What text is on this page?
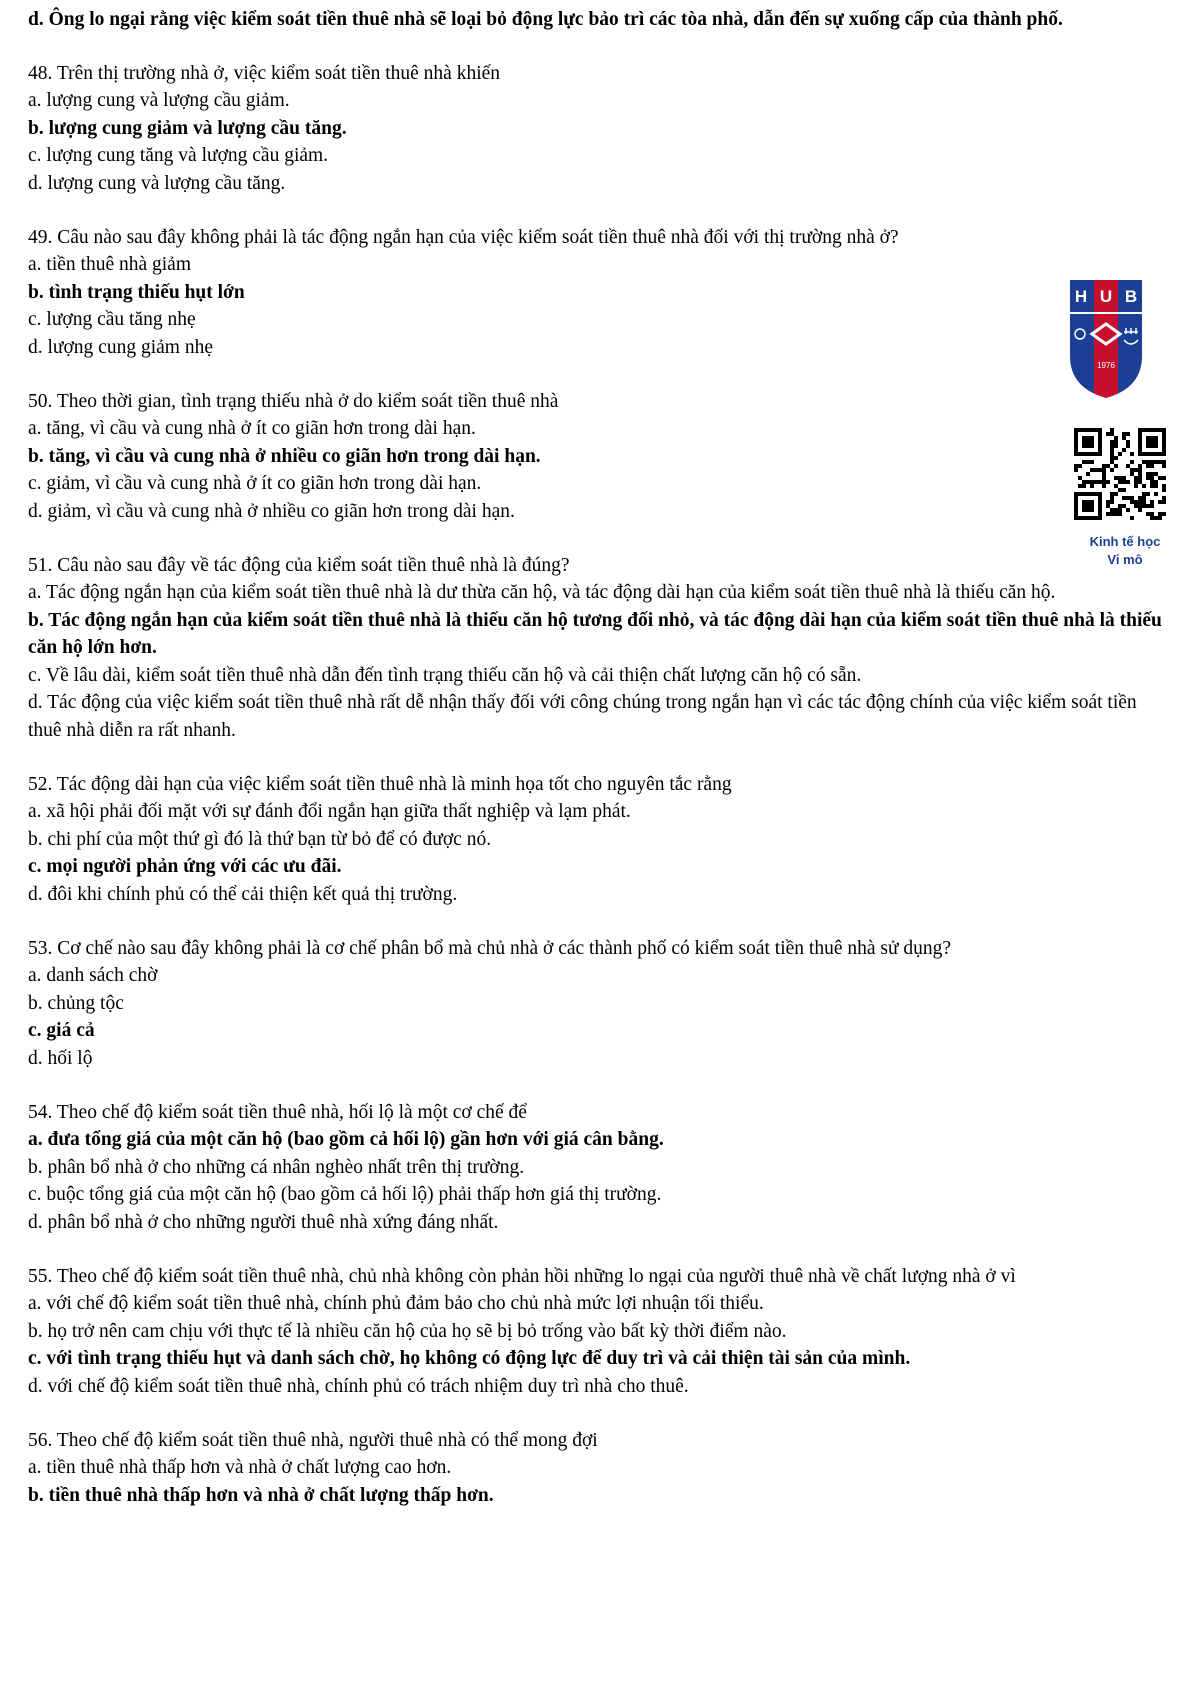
d. Ông lo ngại rằng việc kiểm soát tiền thuê nhà sẽ loại bỏ động lực bảo trì các tòa nhà, dẫn đến sự xuống cấp của thành phố.
48. Trên thị trường nhà ở, việc kiểm soát tiền thuê nhà khiến
a. lượng cung và lượng cầu giảm.
b. lượng cung giảm và lượng cầu tăng.
c. lượng cung tăng và lượng cầu giảm.
d. lượng cung và lượng cầu tăng.
49. Câu nào sau đây không phải là tác động ngắn hạn của việc kiểm soát tiền thuê nhà đối với thị trường nhà ở?
a. tiền thuê nhà giảm
b. tình trạng thiếu hụt lớn
c. lượng cầu tăng nhẹ
d. lượng cung giảm nhẹ
50. Theo thời gian, tình trạng thiếu nhà ở do kiểm soát tiền thuê nhà
a. tăng, vì cầu và cung nhà ở ít co giãn hơn trong dài hạn.
b. tăng, vì cầu và cung nhà ở nhiều co giãn hơn trong dài hạn.
c. giảm, vì cầu và cung nhà ở ít co giãn hơn trong dài hạn.
d. giảm, vì cầu và cung nhà ở nhiều co giãn hơn trong dài hạn.
51. Câu nào sau đây về tác động của kiểm soát tiền thuê nhà là đúng?
a. Tác động ngắn hạn của kiểm soát tiền thuê nhà là dư thừa căn hộ, và tác động dài hạn của kiểm soát tiền thuê nhà là thiếu căn hộ.
b. Tác động ngắn hạn của kiểm soát tiền thuê nhà là thiếu căn hộ tương đối nhỏ, và tác động dài hạn của kiểm soát tiền thuê nhà là thiếu căn hộ lớn hơn.
c. Về lâu dài, kiểm soát tiền thuê nhà dẫn đến tình trạng thiếu căn hộ và cải thiện chất lượng căn hộ có sẵn.
d. Tác động của việc kiểm soát tiền thuê nhà rất dễ nhận thấy đối với công chúng trong ngắn hạn vì các tác động chính của việc kiểm soát tiền thuê nhà diễn ra rất nhanh.
52. Tác động dài hạn của việc kiểm soát tiền thuê nhà là minh họa tốt cho nguyên tắc rằng
a. xã hội phải đối mặt với sự đánh đổi ngắn hạn giữa thất nghiệp và lạm phát.
b. chi phí của một thứ gì đó là thứ bạn từ bỏ để có được nó.
c. mọi người phản ứng với các ưu đãi.
d. đôi khi chính phủ có thể cải thiện kết quả thị trường.
53. Cơ chế nào sau đây không phải là cơ chế phân bổ mà chủ nhà ở các thành phố có kiểm soát tiền thuê nhà sử dụng?
a. danh sách chờ
b. chủng tộc
c. giá cả
d. hối lộ
54. Theo chế độ kiểm soát tiền thuê nhà, hối lộ là một cơ chế để
a. đưa tổng giá của một căn hộ (bao gồm cả hối lộ) gần hơn với giá cân bằng.
b. phân bổ nhà ở cho những cá nhân nghèo nhất trên thị trường.
c. buộc tổng giá của một căn hộ (bao gồm cả hối lộ) phải thấp hơn giá thị trường.
d. phân bổ nhà ở cho những người thuê nhà xứng đáng nhất.
55. Theo chế độ kiểm soát tiền thuê nhà, chủ nhà không còn phản hồi những lo ngại của người thuê nhà về chất lượng nhà ở vì
a. với chế độ kiểm soát tiền thuê nhà, chính phủ đảm bảo cho chủ nhà mức lợi nhuận tối thiểu.
b. họ trở nên cam chịu với thực tế là nhiều căn hộ của họ sẽ bị bỏ trống vào bất kỳ thời điểm nào.
c. với tình trạng thiếu hụt và danh sách chờ, họ không có động lực để duy trì và cải thiện tài sản của mình.
d. với chế độ kiểm soát tiền thuê nhà, chính phủ có trách nhiệm duy trì nhà cho thuê.
56. Theo chế độ kiểm soát tiền thuê nhà, người thuê nhà có thể mong đợi
a. tiền thuê nhà thấp hơn và nhà ở chất lượng cao hơn.
b. tiền thuê nhà thấp hơn và nhà ở chất lượng thấp hơn.
H U B
1976
Kinh tế học
Vi mô
